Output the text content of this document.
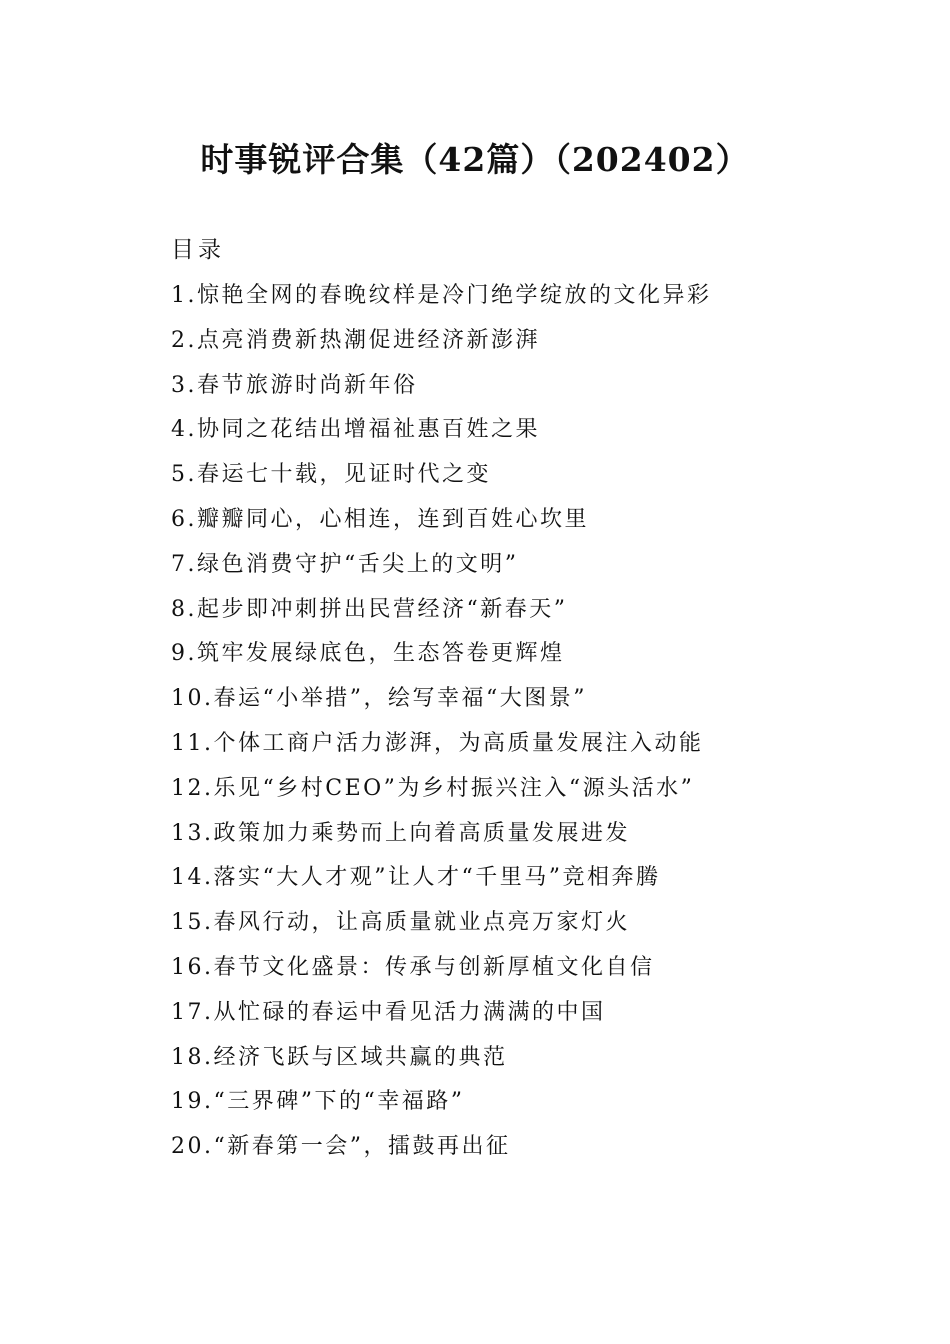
时事锐评合集（42篇）（202402）
目录
1.惊艳全网的春晚纹样是冷门绝学绽放的文化异彩
2.点亮消费新热潮促进经济新澎湃
3.春节旅游时尚新年俗
4.协同之花结出增福祉惠百姓之果
5.春运七十载，见证时代之变
6.瓣瓣同心，心相连，连到百姓心坎里
7.绿色消费守护“舌尖上的文明”
8.起步即冲刺拼出民营经济“新春天”
9.筑牢发展绿底色，生态答卷更辉煌
10.春运“小举措”，绘写幸福“大图景”
11.个体工商户活力澎湃，为高质量发展注入动能
12.乐见“乡村CEO”为乡村振兴注入“源头活水”
13.政策加力乘势而上向着高质量发展进发
14.落实“大人才观”让人才“千里马”竞相奔腾
15.春风行动，让高质量就业点亮万家灯火
16.春节文化盛景：传承与创新厚植文化自信
17.从忙碌的春运中看见活力满满的中国
18.经济飞跃与区域共赢的典范
19.“三界碑”下的“幸福路”
20.“新春第一会”，擂鼓再出征
